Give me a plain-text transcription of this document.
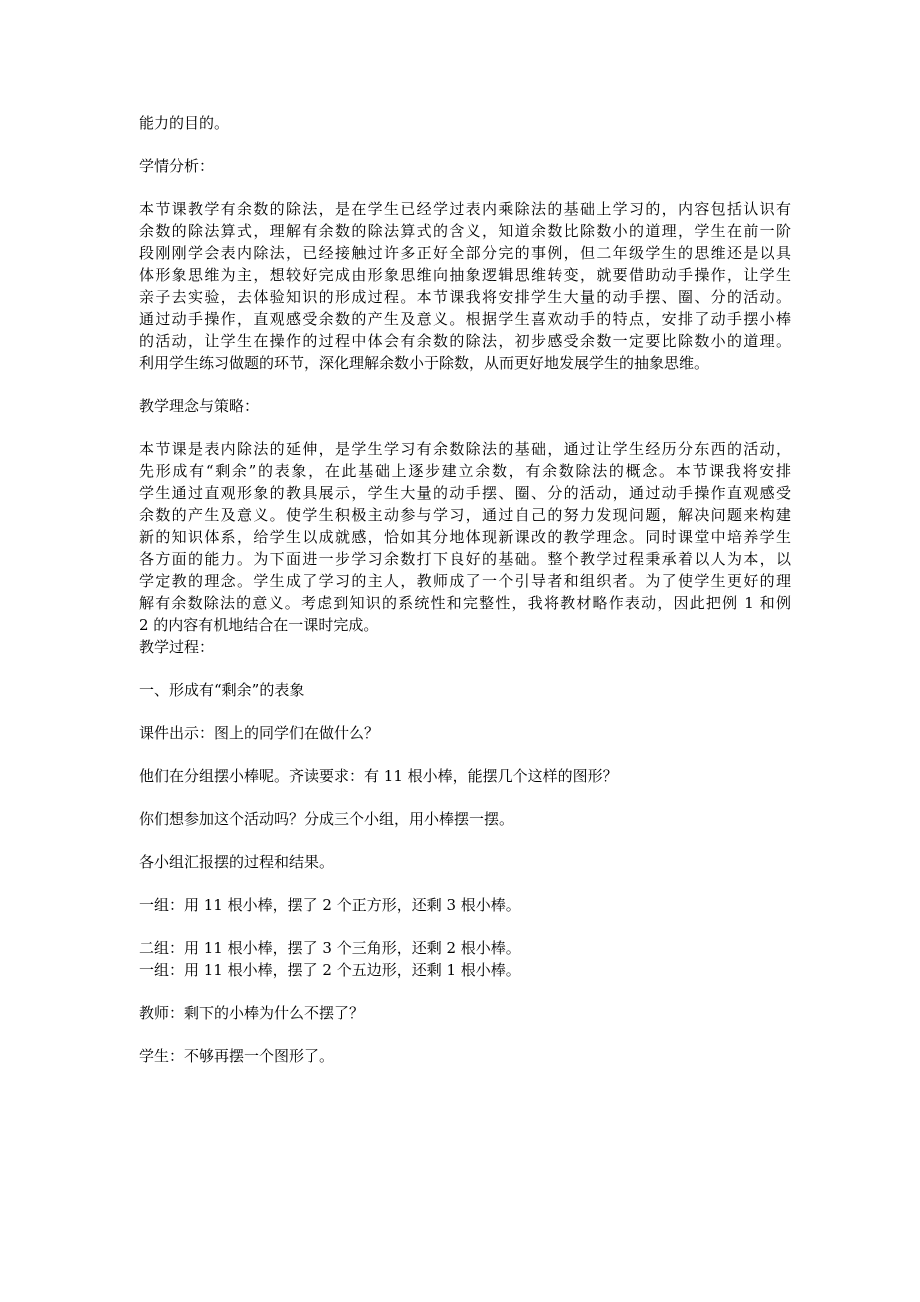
能力的目的。
学情分析：
本节课教学有余数的除法，是在学生已经学过表内乘除法的基础上学习的，内容包括认识有
余数的除法算式，理解有余数的除法算式的含义，知道余数比除数小的道理，学生在前一阶
段刚刚学会表内除法，已经接触过许多正好全部分完的事例，但二年级学生的思维还是以具
体形象思维为主，想较好完成由形象思维向抽象逻辑思维转变，就要借助动手操作，让学生
亲子去实验，去体验知识的形成过程。本节课我将安排学生大量的动手摆、圈、分的活动。
通过动手操作，直观感受余数的产生及意义。根据学生喜欢动手的特点，安排了动手摆小棒
的活动，让学生在操作的过程中体会有余数的除法，初步感受余数一定要比除数小的道理。
利用学生练习做题的环节，深化理解余数小于除数，从而更好地发展学生的抽象思维。
教学理念与策略：
本节课是表内除法的延伸，是学生学习有余数除法的基础，通过让学生经历分东西的活动，
先形成有“剩余”的表象，在此基础上逐步建立余数，有余数除法的概念。本节课我将安排
学生通过直观形象的教具展示，学生大量的动手摆、圈、分的活动，通过动手操作直观感受
余数的产生及意义。使学生积极主动参与学习，通过自己的努力发现问题，解决问题来构建
新的知识体系，给学生以成就感，恰如其分地体现新课改的教学理念。同时课堂中培养学生
各方面的能力。为下面进一步学习余数打下良好的基础。整个教学过程秉承着以人为本，以
学定教的理念。学生成了学习的主人，教师成了一个引导者和组织者。为了使学生更好的理
解有余数除法的意义。考虑到知识的系统性和完整性，我将教材略作表动，因此把例 1 和例
2 的内容有机地结合在一课时完成。
教学过程：
一、形成有“剩余”的表象
课件出示：图上的同学们在做什么？
他们在分组摆小棒呢。齐读要求：有 11 根小棒，能摆几个这样的图形？
你们想参加这个活动吗？分成三个小组，用小棒摆一摆。
各小组汇报摆的过程和结果。
一组：用 11 根小棒，摆了 2 个正方形，还剩 3 根小棒。
二组：用 11 根小棒，摆了 3 个三角形，还剩 2 根小棒。
一组：用 11 根小棒，摆了 2 个五边形，还剩 1 根小棒。
教师：剩下的小棒为什么不摆了？
学生：不够再摆一个图形了。
